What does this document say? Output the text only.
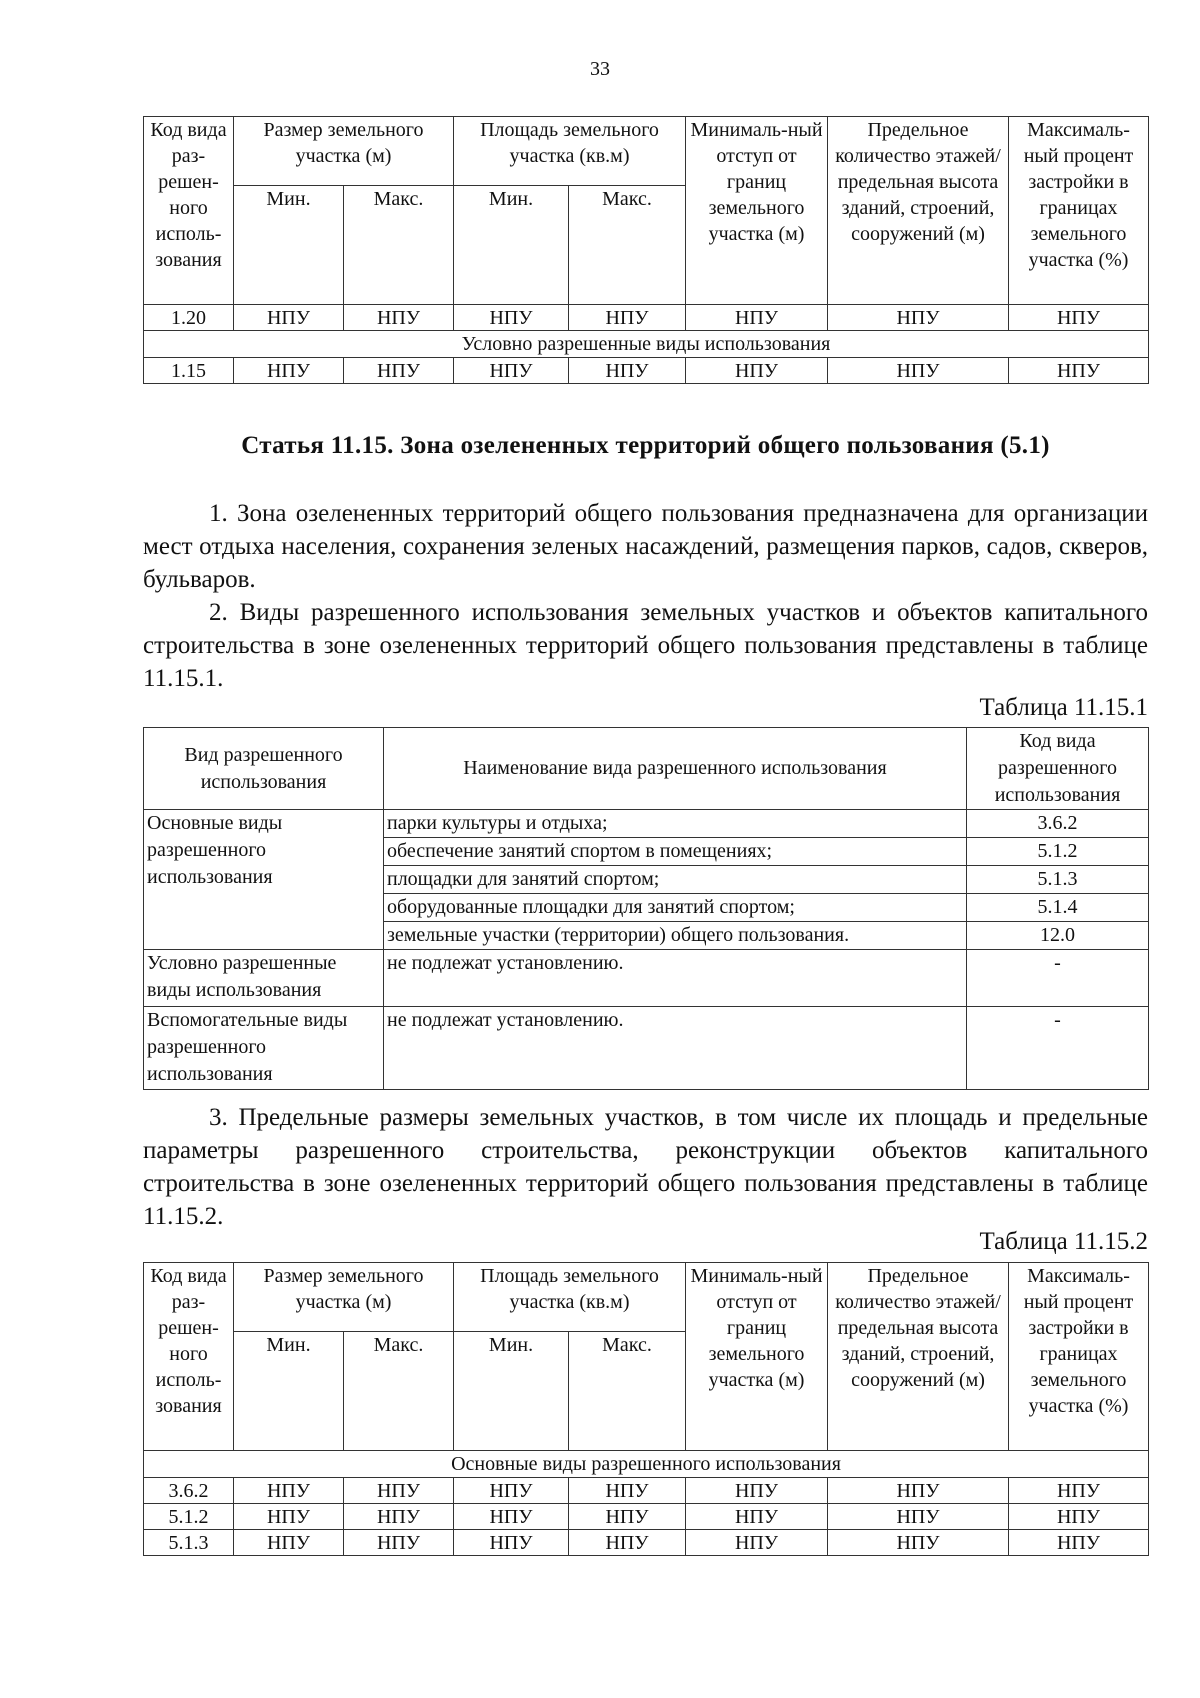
33
Код вида раз-решен-ного исполь-зования	Размер земельного участка (м)		Площадь земельного участка (кв.м)		Минималь-ный отступ от границ земельного участка (м)	Предельное количество этажей/ предельная высота зданий, строений, сооружений (м)	Максималь-ный процент застройки в границах земельного участка (%)
	Мин.	Макс.	Мин.	Макс.			
1.20	НПУ	НПУ	НПУ	НПУ	НПУ	НПУ	НПУ
Условно разрешенные виды использования							
1.15	НПУ	НПУ	НПУ	НПУ	НПУ	НПУ	НПУ
Статья 11.15. Зона озелененных территорий общего пользования (5.1)
1. Зона озелененных территорий общего пользования предназначена для организации мест отдыха населения, сохранения зеленых насаждений, размещения парков, садов, скверов, бульваров.
2. Виды разрешенного использования земельных участков и объектов капитального строительства в зоне озелененных территорий общего пользования представлены в таблице 11.15.1.
Таблица 11.15.1
Вид разрешенного использования	Наименование вида разрешенного использования	Код вида разрешенного использования
Основные виды разрешенного использования	парки культуры и отдыха;	3.6.2
	обеспечение занятий спортом в помещениях;	5.1.2
	площадки для занятий спортом;	5.1.3
	оборудованные площадки для занятий спортом;	5.1.4
	земельные участки (территории) общего пользования.	12.0
Условно разрешенные виды использования	не подлежат установлению.	-
Вспомогательные виды разрешенного использования	не подлежат установлению.	-
3. Предельные размеры земельных участков, в том числе их площадь и предельные параметры разрешенного строительства, реконструкции объектов капитального строительства в зоне озелененных территорий общего пользования представлены в таблице 11.15.2.
Таблица 11.15.2
Код вида раз-решен-ного исполь-зования	Размер земельного участка (м)		Площадь земельного участка (кв.м)		Минималь-ный отступ от границ земельного участка (м)	Предельное количество этажей/ предельная высота зданий, строений, сооружений (м)	Максималь-ный процент застройки в границах земельного участка (%)
	Мин.	Макс.	Мин.	Макс.			
Основные виды разрешенного использования							
3.6.2	НПУ	НПУ	НПУ	НПУ	НПУ	НПУ	НПУ
5.1.2	НПУ	НПУ	НПУ	НПУ	НПУ	НПУ	НПУ
5.1.3	НПУ	НПУ	НПУ	НПУ	НПУ	НПУ	НПУ
